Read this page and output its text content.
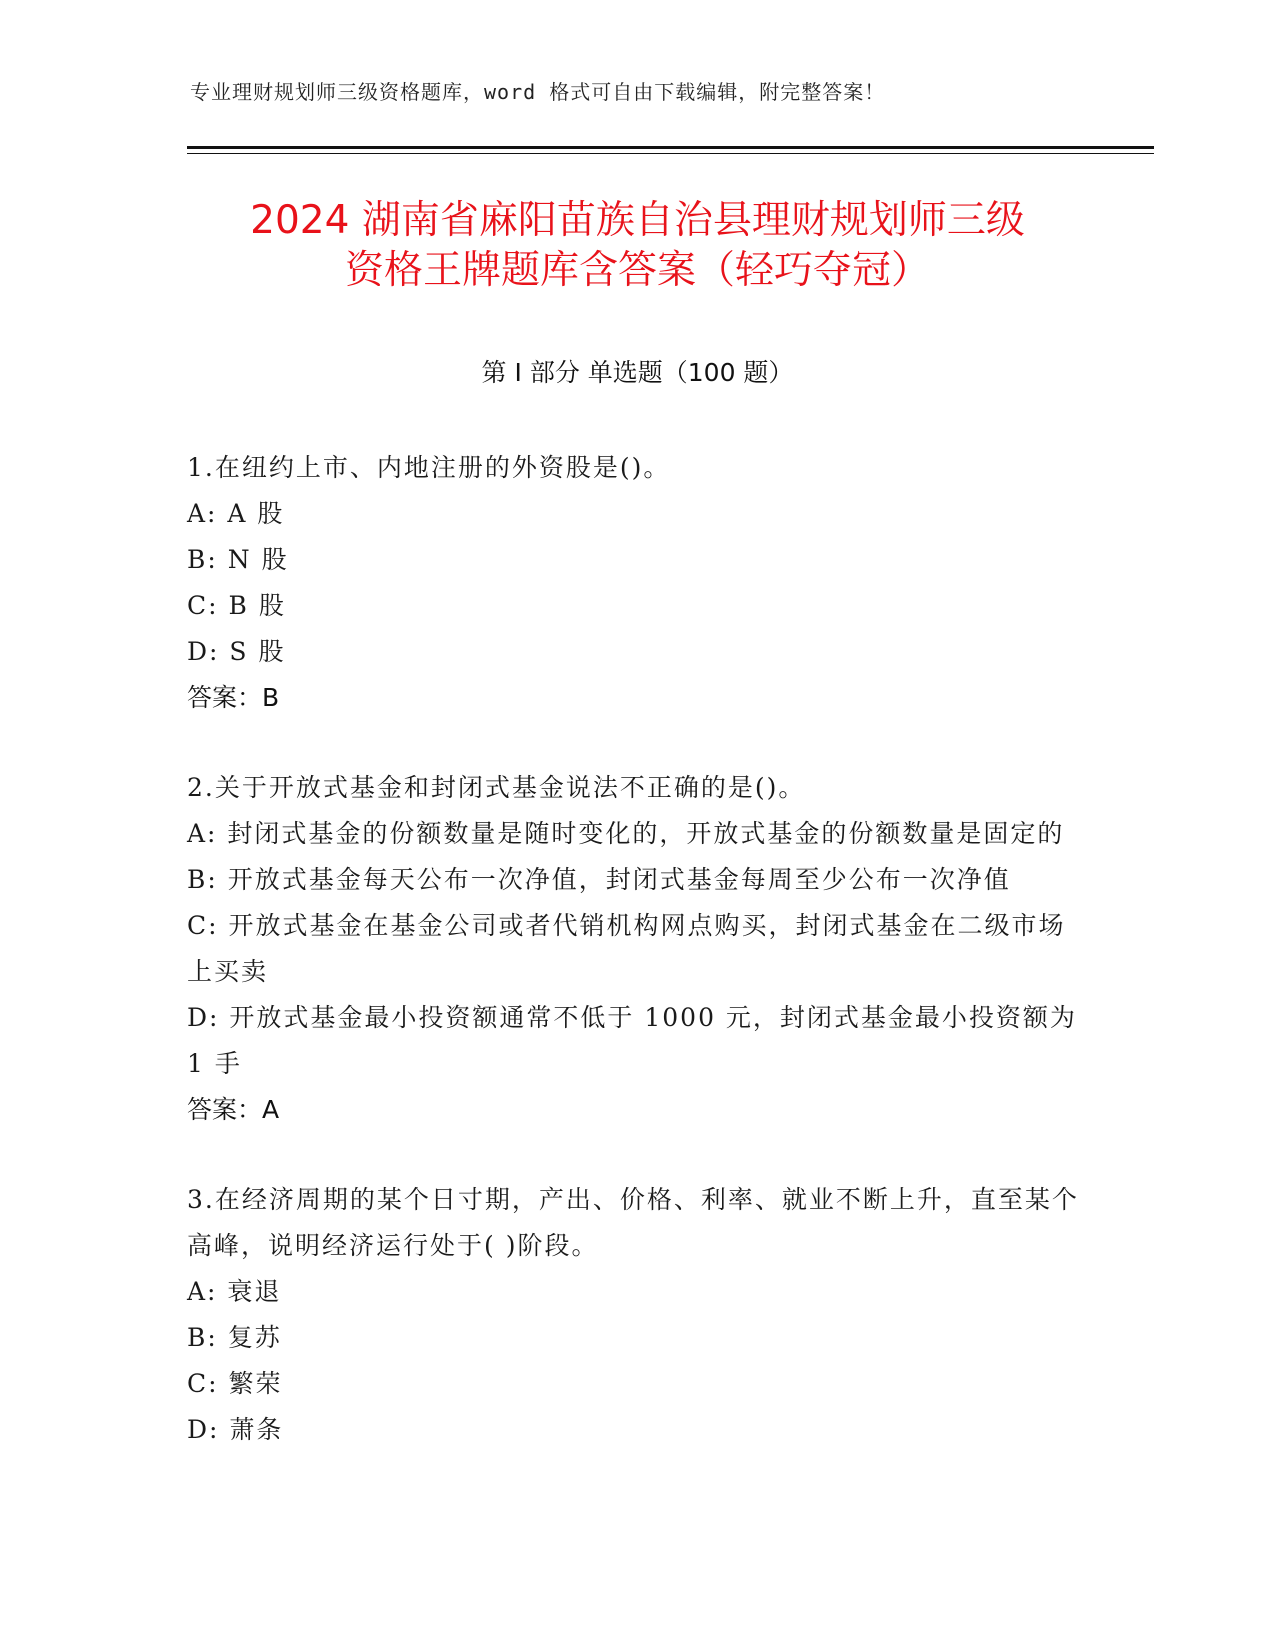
专业理财规划师三级资格题库，word 格式可自由下载编辑，附完整答案！
2024 湖南省麻阳苗族自治县理财规划师三级
资格王牌题库含答案（轻巧夺冠）
第 I 部分 单选题（100 题）
1.在纽约上市、内地注册的外资股是()。
A: A 股
B: N 股
C: B 股
D: S 股
答案：B
2.关于开放式基金和封闭式基金说法不正确的是()。
A: 封闭式基金的份额数量是随时变化的，开放式基金的份额数量是固定的
B: 开放式基金每天公布一次净值，封闭式基金每周至少公布一次净值
C: 开放式基金在基金公司或者代销机构网点购买，封闭式基金在二级市场上买卖
D: 开放式基金最小投资额通常不低于 1000 元，封闭式基金最小投资额为 1 手
答案：A
3.在经济周期的某个日寸期，产出、价格、利率、就业不断上升，直至某个高峰，说明经济运行处于( )阶段。
A: 衰退
B: 复苏
C: 繁荣
D: 萧条
